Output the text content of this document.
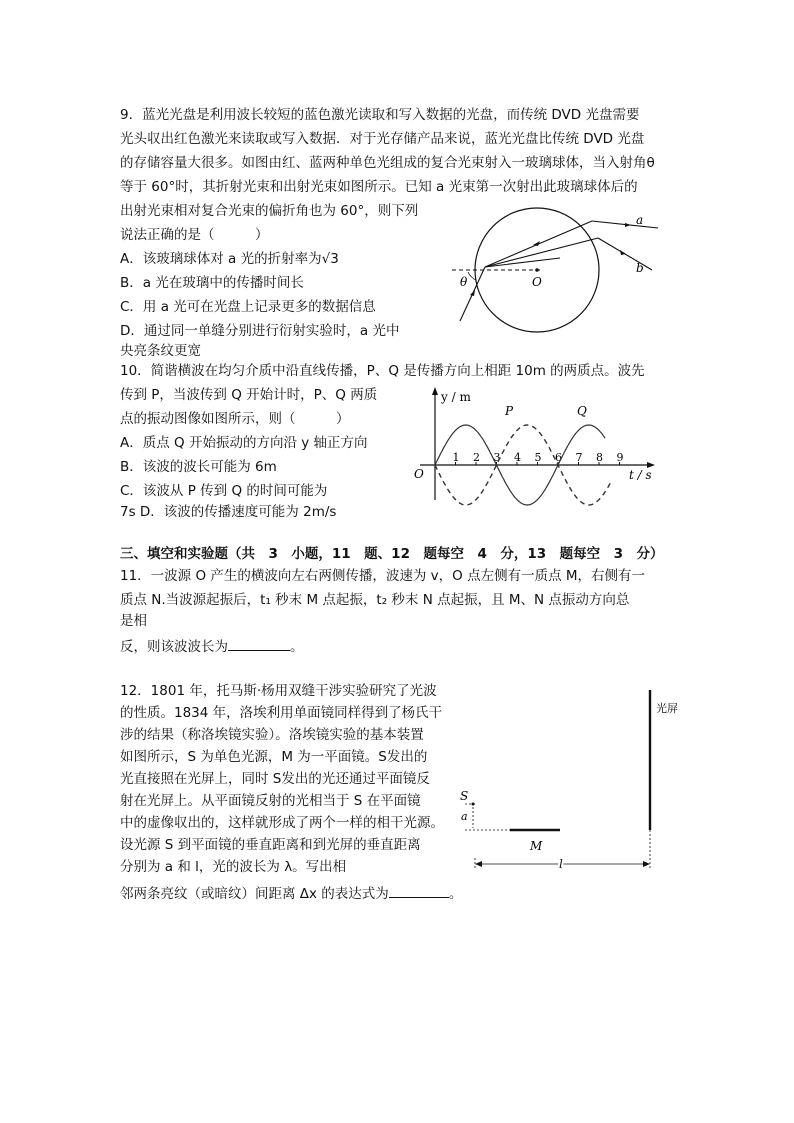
9．蓝光光盘是利用波长较短的蓝色激光读取和写入数据的光盘，而传统 DVD 光盘需要
光头収出红色激光来读取或写入数据．对于光存储产品来说，蓝光光盘比传统 DVD 光盘
的存储容量大很多。如图由红、蓝两种单色光组成的复合光束射入一玻璃球体，当入射角θ
等于 60°时，其折射光束和出射光束如图所示。已知 a 光束第一次射出此玻璃球体后的
出射光束相对复合光束的偏折角也为 60°，则下列
说法正确的是（　　　）
A．该玻璃球体对 a 光的折射率为√3
B．a 光在玻璃中的传播时间长
C．用 a 光可在光盘上记录更多的数据信息
D．通过同一单缝分别进行衍射实验时，a 光中
央亮条纹更宽
a
b
O
θ
10．简谐横波在均匀介质中沿直线传播，P、Q 是传播方向上相距 10m 的两质点。波先
传到 P，当波传到 Q 开始计时，P、Q 两质
点的振动图像如图所示，则（　　　）
A．质点 Q 开始振动的方向沿 y 轴正方向
B．该波的波长可能为 6m
C．该波从 P 传到 Q 的时间可能为
7s D．该波的传播速度可能为 2m/s
y / m
t / s
O
1 2 3 4 5 6 7 8 9
P	Q
三、填空和实验题（共　3　小题，11　题、12　题每空　4　分，13　题每空　3　分）
11．一波源 O 产生的横波向左右两侧传播，波速为 v，O 点左侧有一质点 M，右侧有一
质点 N.当波源起振后，t₁ 秒末 M 点起振，t₂ 秒末 N 点起振，且 M、N 点振动方向总
是相
反，则该波波长为	。
12．1801 年，托马斯·杨用双缝干涉实验研究了光波
的性质。1834 年，洛埃利用单面镜同样得到了杨氏干
涉的结果（称洛埃镜实验）。洛埃镜实验的基本装置
如图所示，S 为单色光源，M 为一平面镜。S发出的
光直接照在光屏上，同时 S发出的光还通过平面镜反
射在光屏上。从平面镜反射的光相当于 S 在平面镜
中的虚像収出的，这样就形成了两个一样的相干光源。
设光源 S 到平面镜的垂直距离和到光屏的垂直距离
分别为 a 和 l，光的波长为 λ。写出相
邻两条亮纹（或暗纹）间距离 Δx 的表达式为	。
光屏
S
a
M
l
